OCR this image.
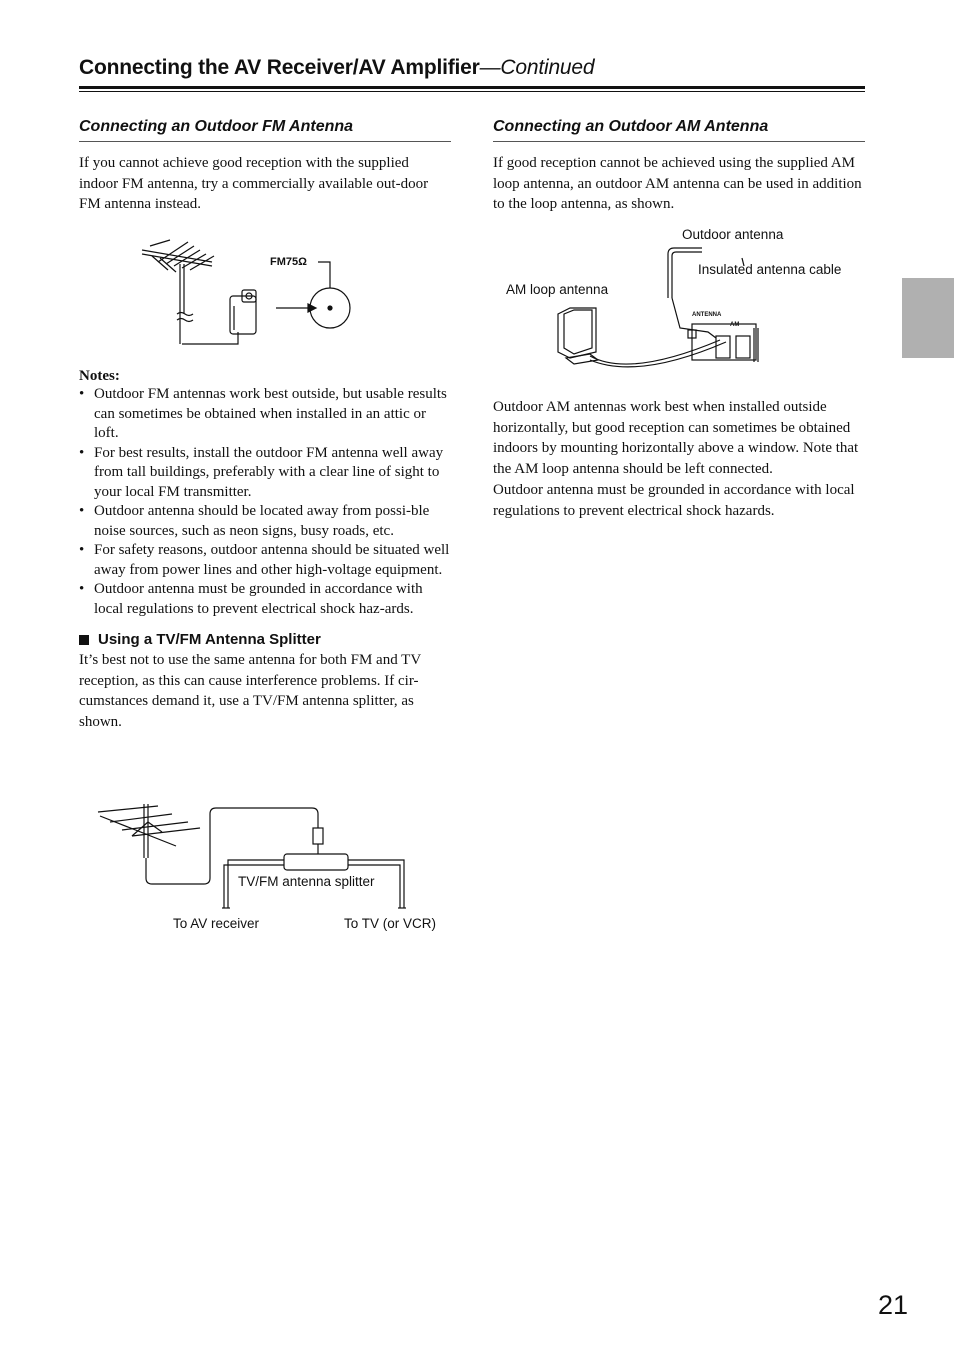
Connecting the AV Receiver/AV Amplifier—Continued
Connecting an Outdoor FM Antenna

If you cannot achieve good reception with the supplied indoor FM antenna, try a commercially available out-door FM antenna instead.

FM75Ω
Notes:
• Outdoor FM antennas work best outside, but usable results can sometimes be obtained when installed in an attic or loft.
• For best results, install the outdoor FM antenna well away from tall buildings, preferably with a clear line of sight to your local FM transmitter.
• Outdoor antenna should be located away from possi-ble noise sources, such as neon signs, busy roads, etc.
• For safety reasons, outdoor antenna should be situated well away from power lines and other high-voltage equipment.
• Outdoor antenna must be grounded in accordance with local regulations to prevent electrical shock haz-ards.
Using a TV/FM Antenna Splitter

It’s best not to use the same antenna for both FM and TV reception, as this can cause interference problems. If cir-cumstances demand it, use a TV/FM antenna splitter, as shown.

TV/FM antenna splitter
To AV receiver	To TV (or VCR)
Connecting an Outdoor AM Antenna

If good reception cannot be achieved using the supplied AM loop antenna, an outdoor AM antenna can be used in addition to the loop antenna, as shown.

Outdoor antenna
Insulated antenna cable
AM loop antenna
ANTENNA
AM

Outdoor AM antennas work best when installed outside horizontally, but good reception can sometimes be obtained indoors by mounting horizontally above a window. Note that the AM loop antenna should be left connected.

Outdoor antenna must be grounded in accordance with local regulations to prevent electrical shock hazards.

21
